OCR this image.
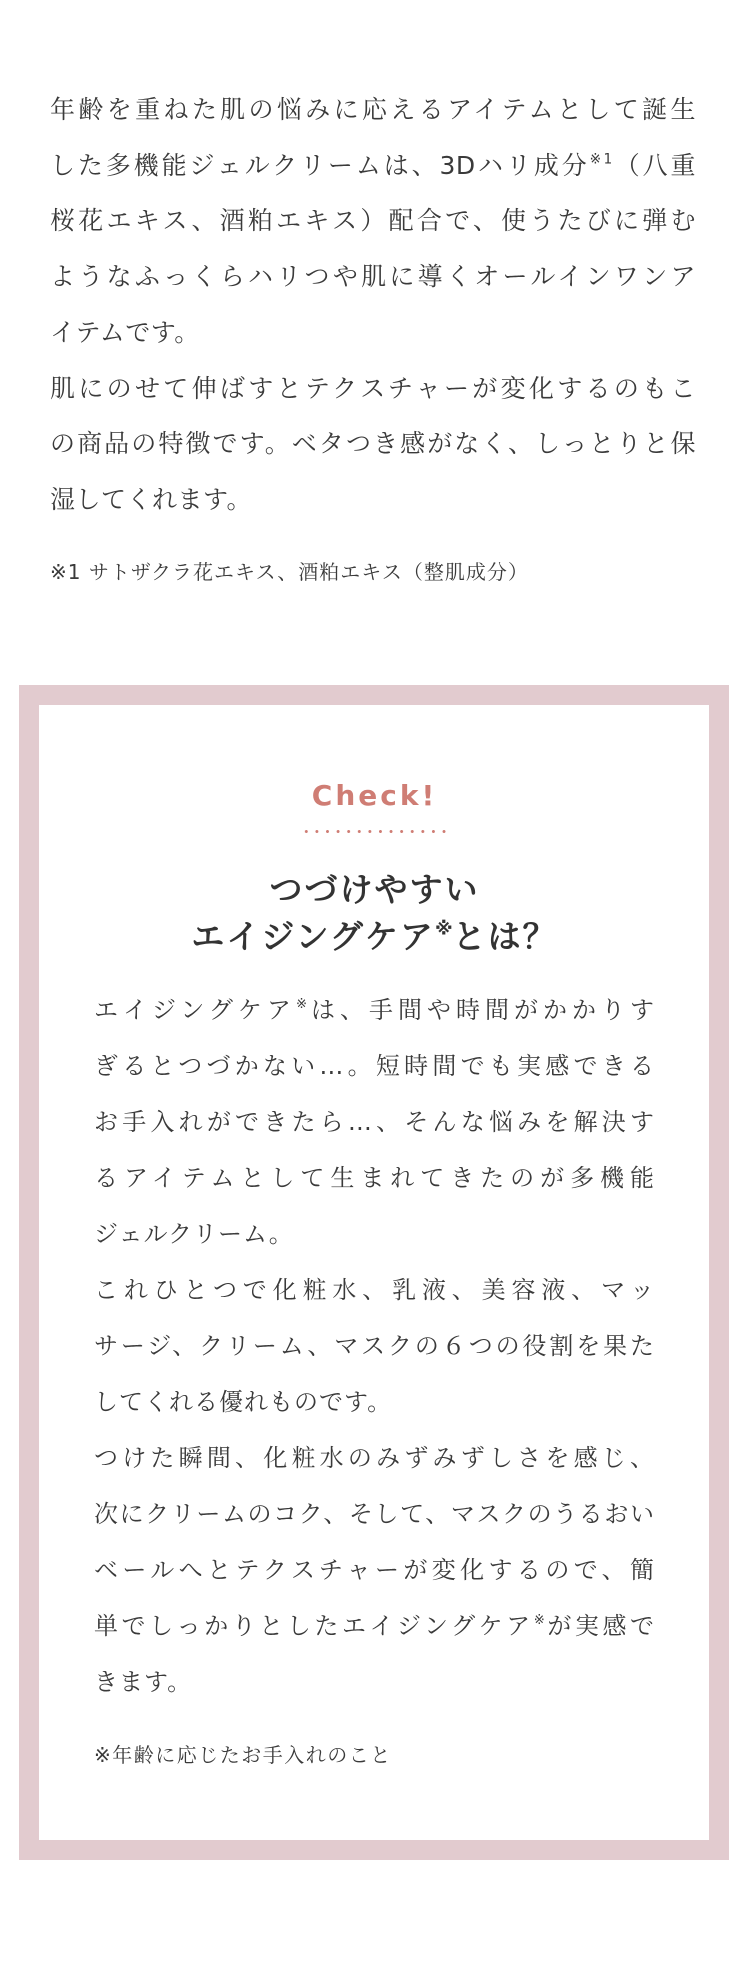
年齢を重ねた肌の悩みに応えるアイテムとして誕生
した多機能ジェルクリームは、3Dハリ成分$^{※1}$（八重
桜花エキス、酒粕エキス）配合で、使うたびに弾む
ようなふっくらハリつや肌に導くオールインワンア
イテムです。
肌にのせて伸ばすとテクスチャーが変化するのもこ
の商品の特徴です。ベタつき感がなく、しっとりと保
湿してくれます。

※1 サトザクラ花エキス、酒粕エキス（整肌成分）

Check!
つづけやすい
エイジングケア※とは？
エイジングケア※は、手間や時間がかかりす
ぎるとつづかない…。短時間でも実感できる
お手入れができたら…、そんな悩みを解決す
るアイテムとして生まれてきたのが多機能
ジェルクリーム。
これひとつで化粧水、乳液、美容液、マッ
サージ、クリーム、マスクの６つの役割を果た
してくれる優れものです。
つけた瞬間、化粧水のみずみずしさを感じ、
次にクリームのコク、そして、マスクのうるおい
ベールへとテクスチャーが変化するので、簡
単でしっかりとしたエイジングケア※が実感で
きます。

※年齢に応じたお手入れのこと
